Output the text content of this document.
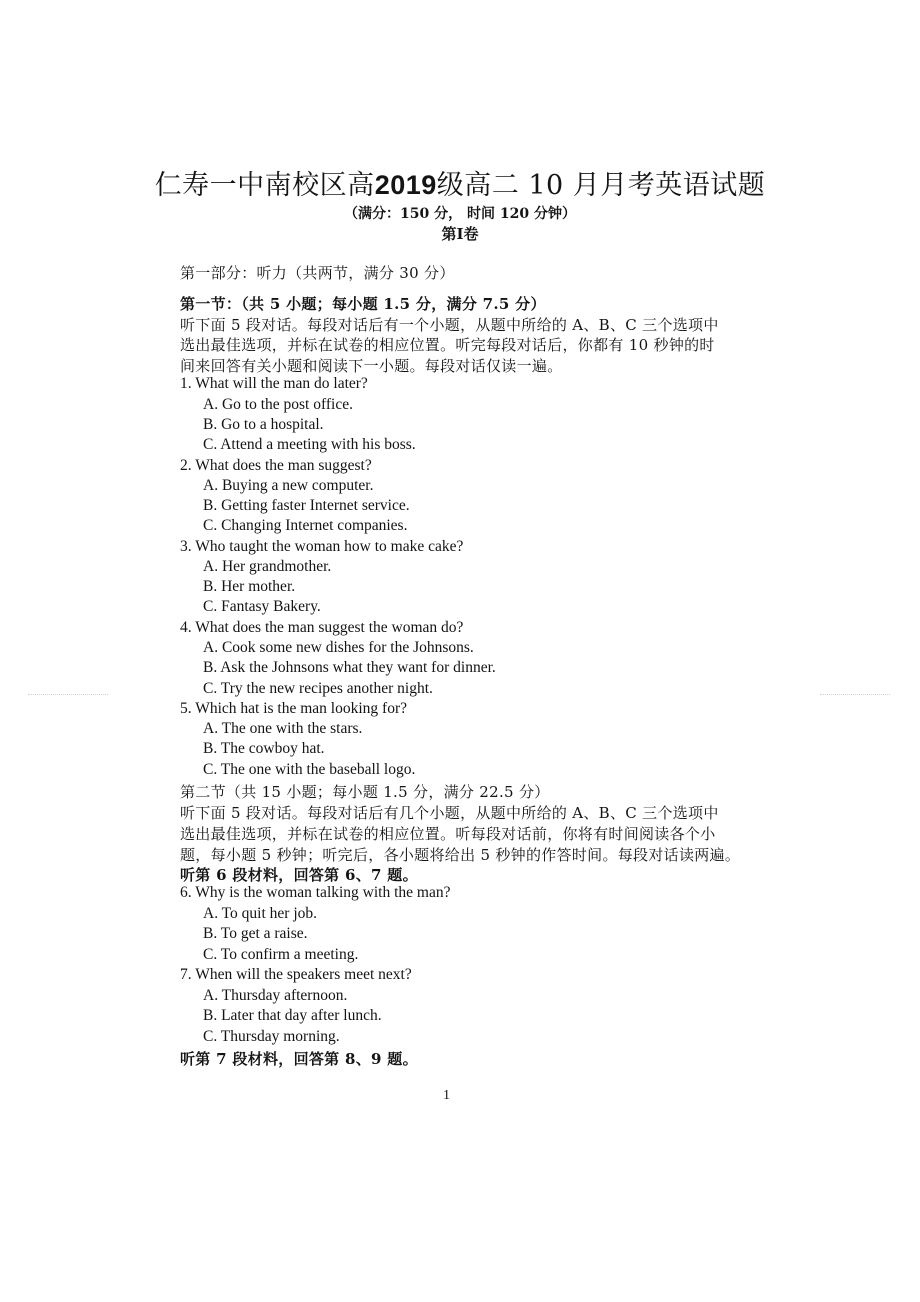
仁寿一中南校区高2019级高二 10 月月考英语试题
（满分：150 分， 时间 120 分钟）
第Ⅰ卷
第一部分：听力（共两节，满分 30 分）
第一节：（共 5 小题；每小题 1.5 分，满分 7.5 分）
听下面 5 段对话。每段对话后有一个小题，从题中所给的 A、B、C 三个选项中
选出最佳选项，并标在试卷的相应位置。听完每段对话后，你都有 10 秒钟的时
间来回答有关小题和阅读下一小题。每段对话仅读一遍。
1. What will the man do later?
A. Go to the post office.
B. Go to a hospital.
C. Attend a meeting with his boss.
2. What does the man suggest?
A. Buying a new computer.
B. Getting faster Internet service.
C. Changing Internet companies.
3. Who taught the woman how to make cake?
A. Her grandmother.
B. Her mother.
C. Fantasy Bakery.
4. What does the man suggest the woman do?
A. Cook some new dishes for the Johnsons.
B. Ask the Johnsons what they want for dinner.
C. Try the new recipes another night.
5. Which hat is the man looking for?
A. The one with the stars.
B. The cowboy hat.
C. The one with the baseball logo.
第二节（共 15 小题；每小题 1.5 分，满分 22.5 分）
听下面 5 段对话。每段对话后有几个小题，从题中所给的 A、B、C 三个选项中
选出最佳选项，并标在试卷的相应位置。听每段对话前，你将有时间阅读各个小
题，每小题 5 秒钟；听完后，各小题将给出 5 秒钟的作答时间。每段对话读两遍。
听第 6 段材料，回答第 6、7 题。
6. Why is the woman talking with the man?
A. To quit her job.
B. To get a raise.
C. To confirm a meeting.
7. When will the speakers meet next?
A. Thursday afternoon.
B. Later that day after lunch.
C. Thursday morning.
听第 7 段材料，回答第 8、9 题。
1
